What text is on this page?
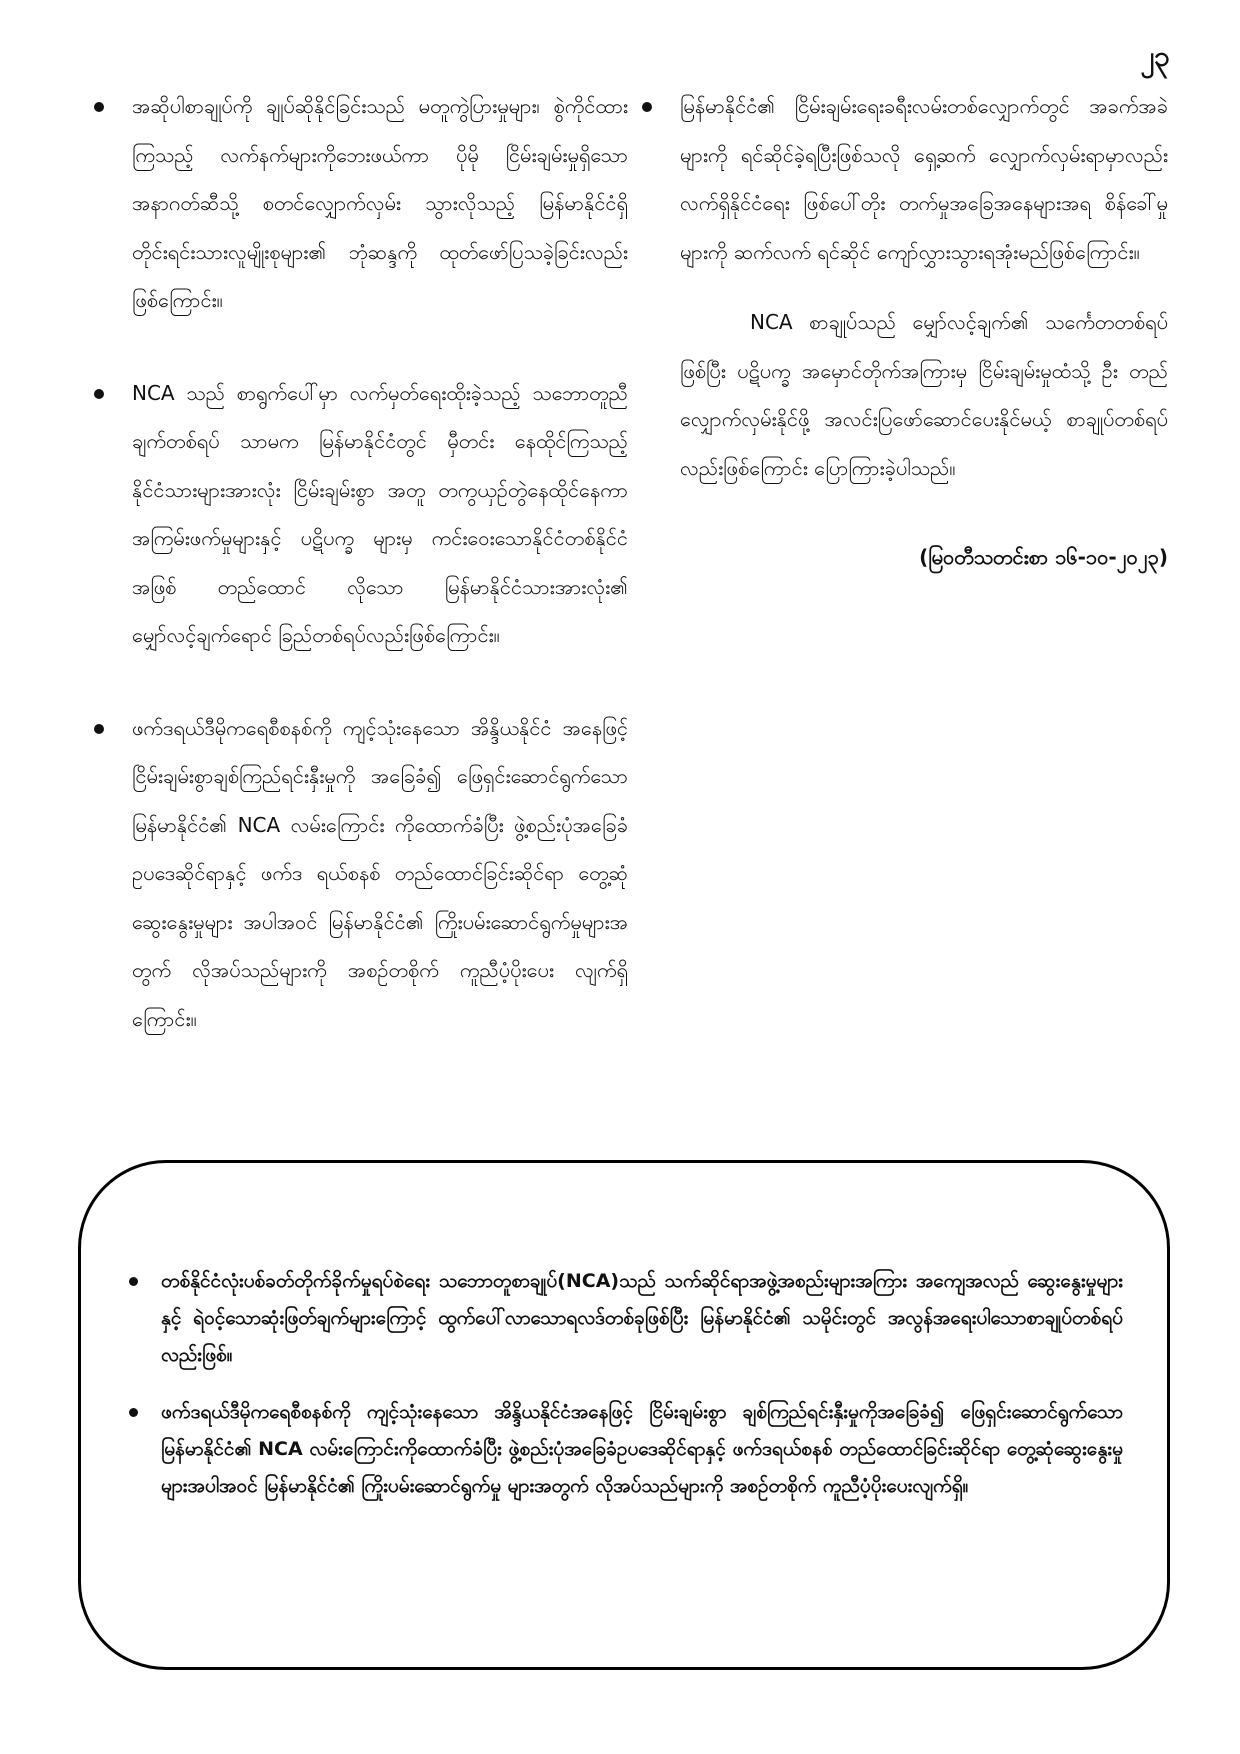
၂၃
အဆိုပါစာချုပ်ကို ချုပ်ဆိုနိုင်ခြင်းသည် မတူကွဲပြားမှုများ၊ စွဲကိုင်ထားကြသည့် လက်နက်များကိုဘေးဖယ်ကာ ပိုမို ငြိမ်းချမ်းမှုရှိသော အနာဂတ်ဆီသို့ စတင်လျှောက်လှမ်း သွားလိုသည့် မြန်မာနိုင်ငံရှိ တိုင်းရင်းသားလူမျိုးစုများ၏ ဘုံဆန္ဒကို ထုတ်ဖော်ပြသခဲ့ခြင်းလည်းဖြစ်ကြောင်း။
NCA သည် စာရွက်ပေါ်မှာ လက်မှတ်ရေးထိုးခဲ့သည့် သဘောတူညီချက်တစ်ရပ် သာမက မြန်မာနိုင်ငံတွင် မှီတင်း နေထိုင်ကြသည့်နိုင်ငံသားများအားလုံး ငြိမ်းချမ်းစွာ အတူ တကွယှဉ်တွဲနေထိုင်နေကာ အကြမ်းဖက်မှုများနှင့် ပဋိပက္ခ များမှ ကင်းဝေးသောနိုင်ငံတစ်နိုင်ငံအဖြစ် တည်ထောင် လိုသော မြန်မာနိုင်ငံသားအားလုံး၏ မျှော်လင့်ချက်ရောင် ခြည်တစ်ရပ်လည်းဖြစ်ကြောင်း။
ဖက်ဒရယ်ဒီမိုကရေစီစနစ်ကို ကျင့်သုံးနေသော အိန္ဒိယနိုင်ငံ အနေဖြင့် ငြိမ်းချမ်းစွာချစ်ကြည်ရင်းနှီးမှုကို အခြေခံ၍ ဖြေရှင်းဆောင်ရွက်သော မြန်မာနိုင်ငံ၏ NCA လမ်းကြောင်း ကိုထောက်ခံပြီး ဖွဲ့စည်းပုံအခြေခံဥပဒေဆိုင်ရာနှင့် ဖက်ဒ ရယ်စနစ် တည်ထောင်ခြင်းဆိုင်ရာ တွေ့ဆုံဆွေးနွေးမှုများ အပါအဝင် မြန်မာနိုင်ငံ၏ ကြိုးပမ်းဆောင်ရွက်မှုများအ တွက် လိုအပ်သည်များကို အစဉ်တစိုက် ကူညီပံ့ပိုးပေး လျက်ရှိကြောင်း။
မြန်မာနိုင်ငံ၏ ငြိမ်းချမ်းရေးခရီးလမ်းတစ်လျှောက်တွင် အခက်အခဲများကို ရင်ဆိုင်ခဲ့ရပြီးဖြစ်သလို ရှေ့ဆက် လျှောက်လှမ်းရာမှာလည်း လက်ရှိနိုင်ငံရေး ဖြစ်ပေါ်တိုး တက်မှုအခြေအနေများအရ စိန်ခေါ်မှုများကို ဆက်လက် ရင်ဆိုင် ကျော်လွှားသွားရအုံးမည်ဖြစ်ကြောင်း။

NCA စာချုပ်သည် မျှော်လင့်ချက်၏ သင်္ကေတတစ်ရပ် ဖြစ်ပြီး ပဋိပက္ခ အမှောင်တိုက်အကြားမှ ငြိမ်းချမ်းမှုထံသို့ ဦး တည်လျှောက်လှမ်းနိုင်ဖို့ အလင်းပြဖော်ဆောင်ပေးနိုင်မယ့် စာချုပ်တစ်ရပ်လည်းဖြစ်ကြောင်း ပြောကြားခဲ့ပါသည်။

(မြဝတီသတင်းစာ ၁၆-၁၀-၂၀၂၃)
တစ်နိုင်ငံလုံးပစ်ခတ်တိုက်ခိုက်မှုရပ်စဲရေး သဘောတူစာချုပ်(NCA)သည် သက်ဆိုင်ရာအဖွဲ့အစည်းများအကြား အကျေအလည် ဆွေးနွေးမှုများနှင့် ရဲဝင့်သောဆုံးဖြတ်ချက်များကြောင့် ထွက်ပေါ်လာသောရလဒ်တစ်ခုဖြစ်ပြီး မြန်မာနိုင်ငံ၏ သမိုင်းတွင် အလွန်အရေးပါသောစာချုပ်တစ်ရပ်လည်းဖြစ်။
ဖက်ဒရယ်ဒီမိုကရေစီစနစ်ကို ကျင့်သုံးနေသော အိန္ဒိယနိုင်ငံအနေဖြင့် ငြိမ်းချမ်းစွာ ချစ်ကြည်ရင်းနှီးမှုကိုအခြေခံ၍ ဖြေရှင်းဆောင်ရွက်သော မြန်မာနိုင်ငံ၏ NCA လမ်းကြောင်းကိုထောက်ခံပြီး ဖွဲ့စည်းပုံအခြေခံဥပဒေဆိုင်ရာနှင့် ဖက်ဒရယ်စနစ် တည်ထောင်ခြင်းဆိုင်ရာ တွေ့ဆုံဆွေးနွေးမှုများအပါအဝင် မြန်မာနိုင်ငံ၏ ကြိုးပမ်းဆောင်ရွက်မှု များအတွက် လိုအပ်သည်များကို အစဉ်တစိုက် ကူညီပံ့ပိုးပေးလျက်ရှိ။
